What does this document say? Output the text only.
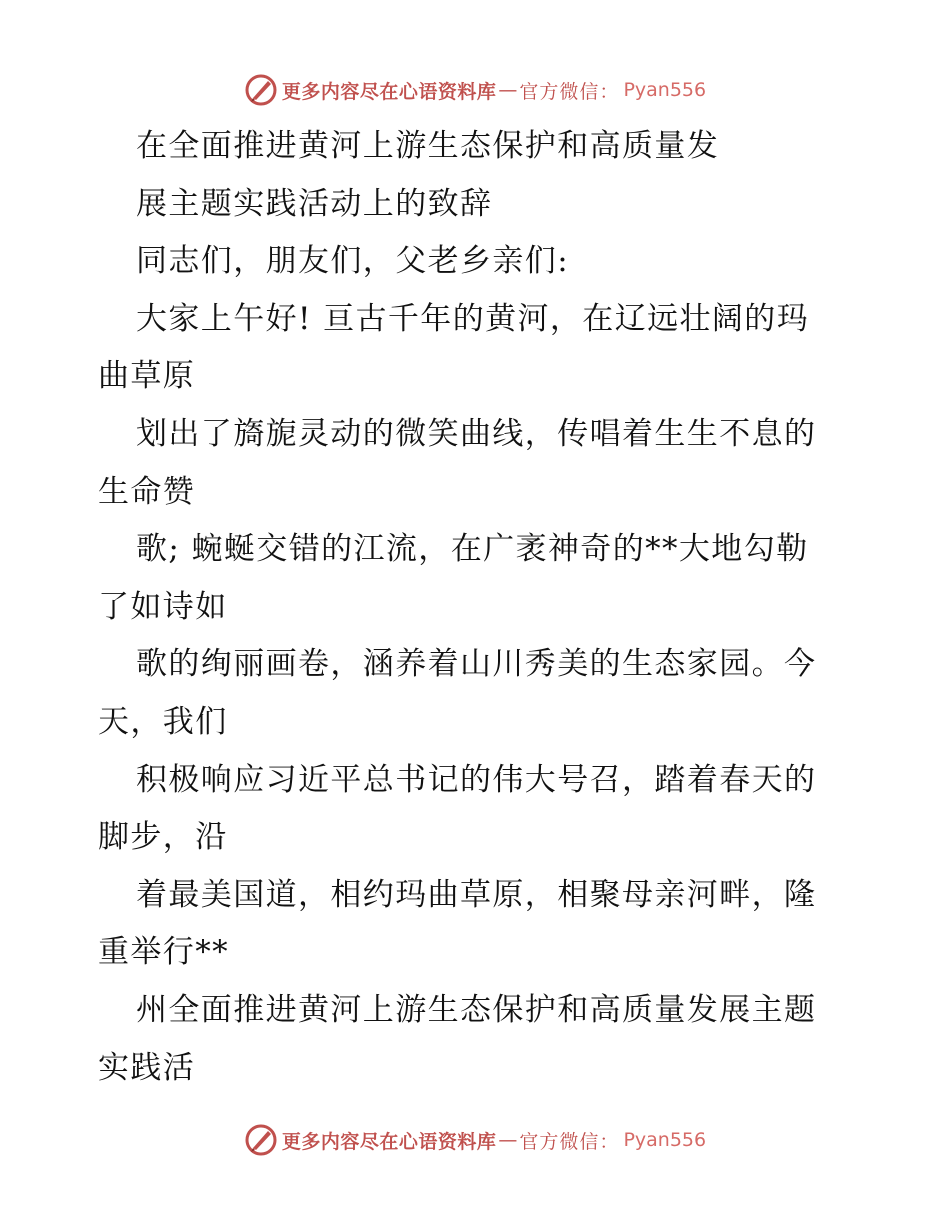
更多内容尽在心语资料库 — 官方微信： Pyan556
在全面推进黄河上游生态保护和高质量发
展主题实践活动上的致辞
同志们，朋友们，父老乡亲们:
大家上午好! 亘古千年的黄河，在辽远壮阔的玛
曲草原
划出了旖旎灵动的微笑曲线，传唱着生生不息的
生命赞
歌; 蜿蜒交错的江流，在广袤神奇的**大地勾勒
了如诗如
歌的绚丽画卷，涵养着山川秀美的生态家园。今
天，我们
积极响应习近平总书记的伟大号召，踏着春天的
脚步，沿
着最美国道，相约玛曲草原，相聚母亲河畔，隆
重举行**
州全面推进黄河上游生态保护和高质量发展主题
实践活
更多内容尽在心语资料库 — 官方微信： Pyan556
